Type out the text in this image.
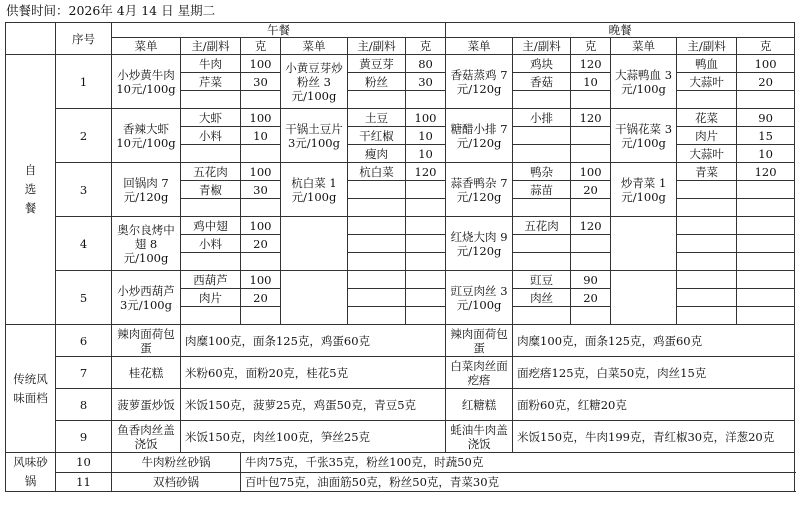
供餐时间：2026年 4月 14 日 星期二
	序号	午餐						晚餐					
		菜单	主/副料	克	菜单	主/副料	克	菜单	主/副料	克	菜单	主/副料	克
自选餐	1	小炒黄牛肉 10元/100g	牛肉	100	小黄豆芽炒粉丝 3元/100g	黄豆芽	80	香菇蒸鸡 7元/120g	鸡块	120	大蒜鸭血 3元/100g	鸭血	100
			芹菜	30		粉丝	30		香菇	10		大蒜叶	20

	2	香辣大虾 10元/100g	大虾	100	干锅土豆片 3元/100g	土豆	100	糖醋小排 7元/120g	小排	120	干锅花菜 3元/100g	花菜	90
			小料	10		干红椒	10					肉片	15
						瘦肉	10					大蒜叶	10
	3	回锅肉 7元/120g	五花肉	100	杭白菜 1元/100g	杭白菜	120	蒜香鸭杂 7元/120g	鸭杂	100	炒青菜 1元/100g	青菜	120
			青椒	30					蒜苗	20			

	4	奥尔良烤中翅 8元/100g	鸡中翅	100				红烧大肉 9元/120g	五花肉	120			
			小料	20									

	5	小炒西葫芦 3元/100g	西葫芦	100				豇豆肉丝 3元/100g	豇豆	90			
			肉片	20					肉丝	20			

传统风味面档	6	辣肉面荷包蛋	肉糜100克，面条125克，鸡蛋60克					辣肉面荷包蛋	肉糜100克，面条125克，鸡蛋60克				
	7	桂花糕	米粉60克，面粉20克，桂花5克					白菜肉丝面疙瘩	面疙瘩125克，白菜50克，肉丝15克				
	8	菠萝蛋炒饭	米饭150克，菠萝25克，鸡蛋50克，青豆5克					红糖糕	面粉60克，红糖20克				
	9	鱼香肉丝盖浇饭	米饭150克，肉丝100克，笋丝25克					蚝油牛肉盖浇饭	米饭150克，牛肉199克，青红椒30克，洋葱20克				
风味砂锅	10	牛肉粉丝砂锅		牛肉75克，千张35克，粉丝100克，时蔬50克									
	11	双档砂锅		百叶包75克，油面筋50克，粉丝50克，青菜30克									
